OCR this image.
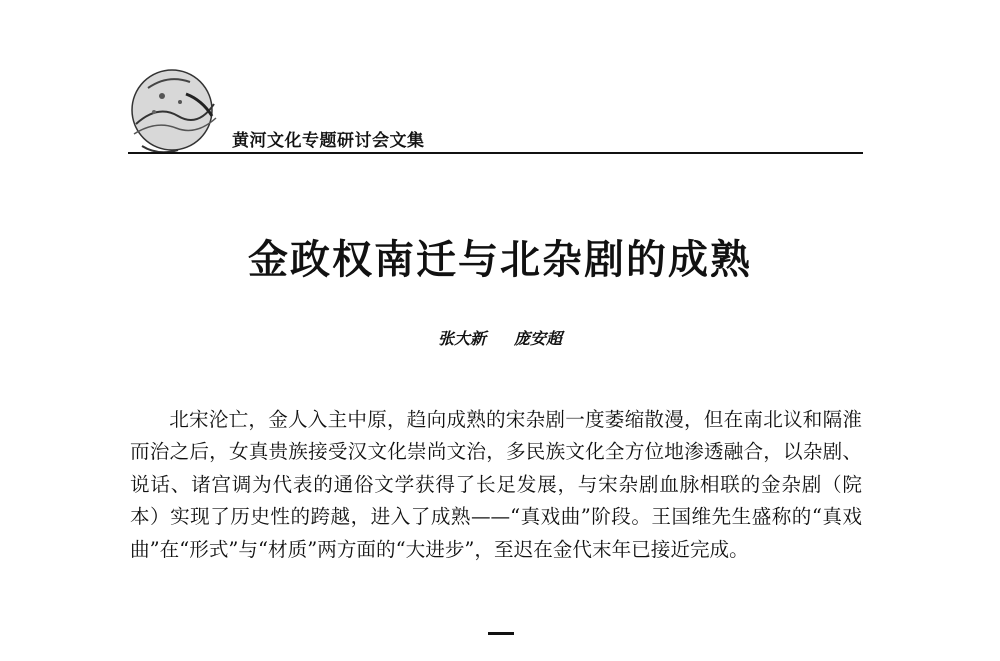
黄河文化专题研讨会文集
金政权南迁与北杂剧的成熟
张大新 庞安超

北宋沦亡，金人入主中原，趋向成熟的宋杂剧一度萎缩散漫，但在南北议和隔淮而治之后，女真贵族接受汉文化崇尚文治，多民族文化全方位地渗透融合，以杂剧、说话、诸宫调为代表的通俗文学获得了长足发展，与宋杂剧血脉相联的金杂剧（院本）实现了历史性的跨越，进入了成熟——“真戏曲”阶段。王国维先生盛称的“真戏曲”在“形式”与“材质”两方面的“大进步”，至迟在金代末年已接近完成。
